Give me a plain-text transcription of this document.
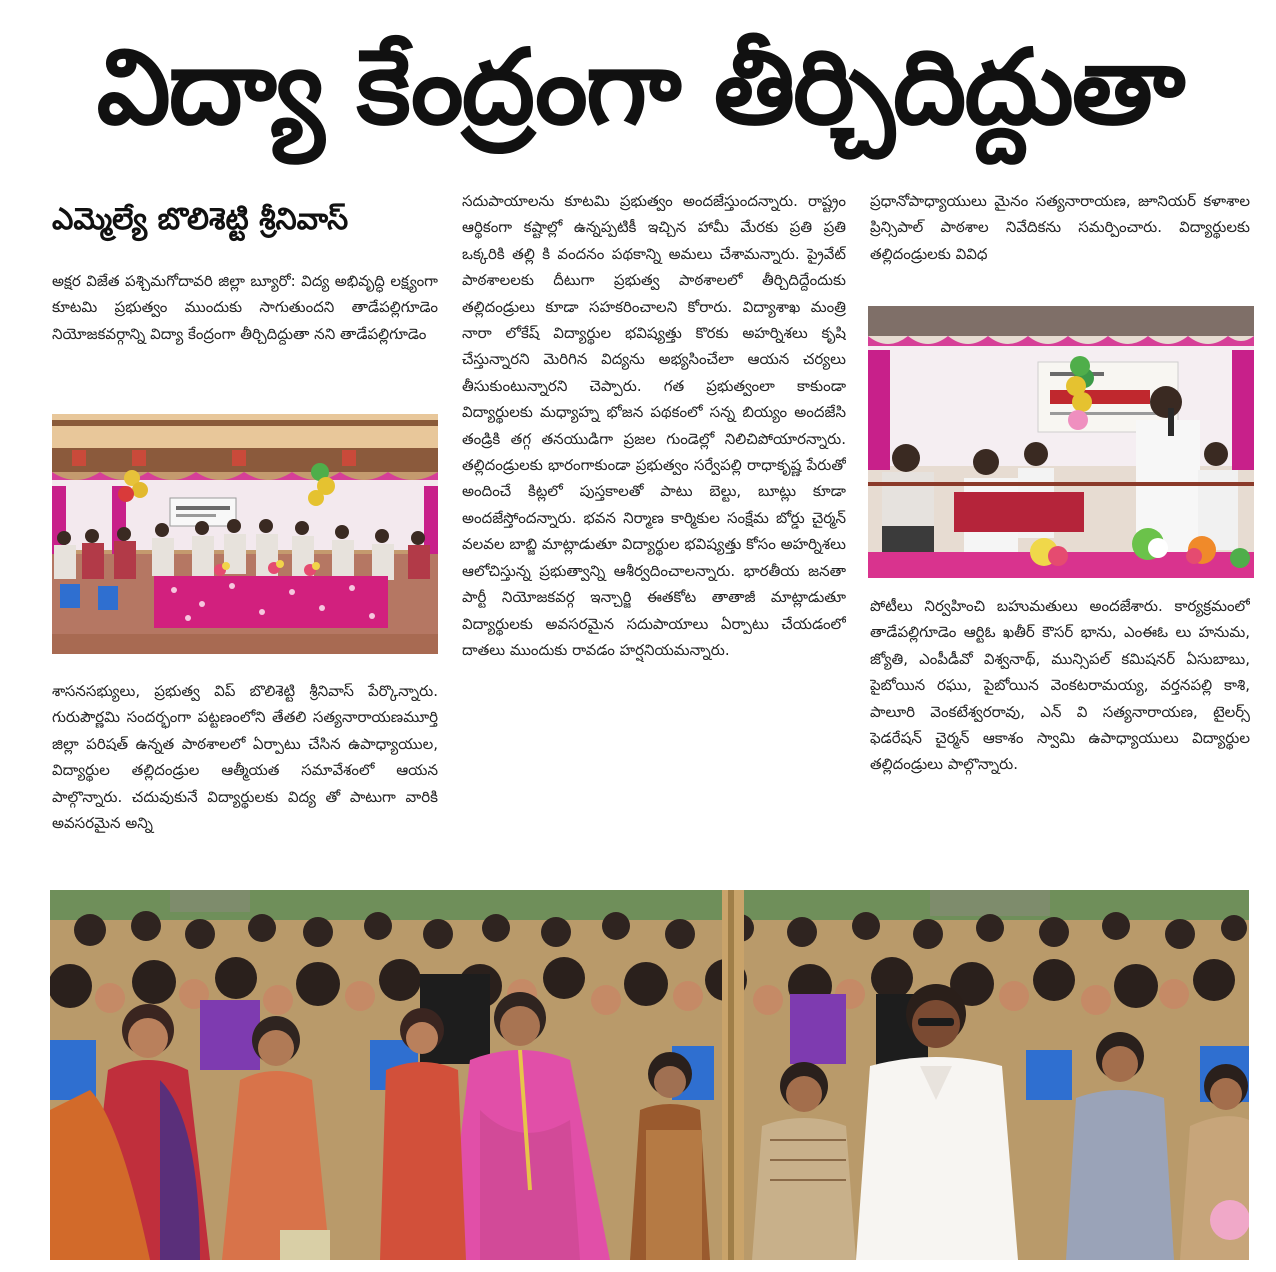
విద్యా కేంద్రంగా తీర్చిదిద్దుతా
ఎమ్మెల్యే బొలిశెట్టి శ్రీనివాస్

అక్షర విజేత పశ్చిమగోదావరి జిల్లా బ్యూరో: విద్య అభివృద్ధి లక్ష్యంగా కూటమి ప్రభుత్వం ముందుకు సాగుతుందని తాడేపల్లిగూడెం నియోజకవర్గాన్ని విద్యా కేంద్రంగా తీర్చిదిద్దుతా నని తాడేపల్లిగూడెం

శాసనసభ్యులు, ప్రభుత్వ విప్ బొలిశెట్టి శ్రీనివాస్ పేర్కొన్నారు. గురుపౌర్ణమి సందర్భంగా పట్టణంలోని తేతలి సత్యనారాయణమూర్తి జిల్లా పరిషత్ ఉన్నత పాఠశాలలో ఏర్పాటు చేసిన ఉపాధ్యాయుల, విద్యార్థుల తల్లిదండ్రుల ఆత్మీయత సమావేశంలో ఆయన పాల్గొన్నారు. చదువుకునే విద్యార్థులకు విద్య తో పాటుగా వారికి అవసరమైన అన్ని

సదుపాయాలను కూటమి ప్రభుత్వం అందజేస్తుందన్నారు. రాష్ట్రం ఆర్థికంగా కష్టాల్లో ఉన్నప్పటికీ ఇచ్చిన హామీ మేరకు ప్రతి ప్రతి ఒక్కరికి తల్లి కి వందనం పథకాన్ని అమలు చేశామన్నారు. ప్రైవేట్ పాఠశాలలకు దీటుగా ప్రభుత్వ పాఠశాలలో తీర్చిదిద్దేందుకు తల్లిదండ్రులు కూడా సహకరించాలని కోరారు. విద్యాశాఖ మంత్రి నారా లోకేష్ విద్యార్థుల భవిష్యత్తు కొరకు అహర్నిశలు కృషి చేస్తున్నారని మెరిగిన విద్యను అభ్యసించేలా ఆయన చర్యలు తీసుకుంటున్నారని చెప్పారు. గత ప్రభుత్వంలా కాకుండా విద్యార్థులకు మధ్యాహ్న భోజన పథకంలో సన్న బియ్యం అందజేసి తండ్రికి తగ్గ తనయుడిగా ప్రజల గుండెల్లో నిలిచిపోయారన్నారు. తల్లిదండ్రులకు భారంగాకుండా ప్రభుత్వం సర్వేపల్లి రాధాకృష్ణ పేరుతో అందించే కిట్లలో పుస్తకాలతో పాటు బెల్టు, బూట్లు కూడా అందజేస్తోందన్నారు. భవన నిర్మాణ కార్మికుల సంక్షేమ బోర్డు చైర్మన్ వలవల బాబ్జి మాట్లాడుతూ విద్యార్థుల భవిష్యత్తు కోసం అహర్నిశలు ఆలోచిస్తున్న ప్రభుత్వాన్ని ఆశీర్వదించాలన్నారు. భారతీయ జనతా పార్టీ నియోజకవర్గ ఇన్చార్జి ఈతకోట తాతాజీ మాట్లాడుతూ విద్యార్థులకు అవసరమైన సదుపాయాలు ఏర్పాటు చేయడంలో దాతలు ముందుకు రావడం హర్షనియమన్నారు.

ప్రధానోపాధ్యాయులు మైనం సత్యనారాయణ, జూనియర్ కళాశాల ప్రిన్సిపాల్ పాఠశాల నివేదికను సమర్పించారు. విద్యార్థులకు తల్లిదండ్రులకు వివిధ

పోటీలు నిర్వహించి బహుమతులు అందజేశారు. కార్యక్రమంలో తాడేపల్లిగూడెం ఆర్టిఓ ఖతీర్ కౌసర్ భాను, ఎంఈఓ లు హనుమ, జ్యోతి, ఎంపీడీవో విశ్వనాథ్, మున్సిపల్ కమిషనర్ ఏసుబాబు, పైబోయిన రఘు, పైబోయిన వెంకటరామయ్య, వర్తనపల్లి కాశి, పాలూరి వెంకటేశ్వరరావు, ఎన్ వి సత్యనారాయణ, టైలర్స్ ఫెడరేషన్ చైర్మన్ ఆకాశం స్వామి ఉపాధ్యాయులు విద్యార్థుల తల్లిదండ్రులు పాల్గొన్నారు.
